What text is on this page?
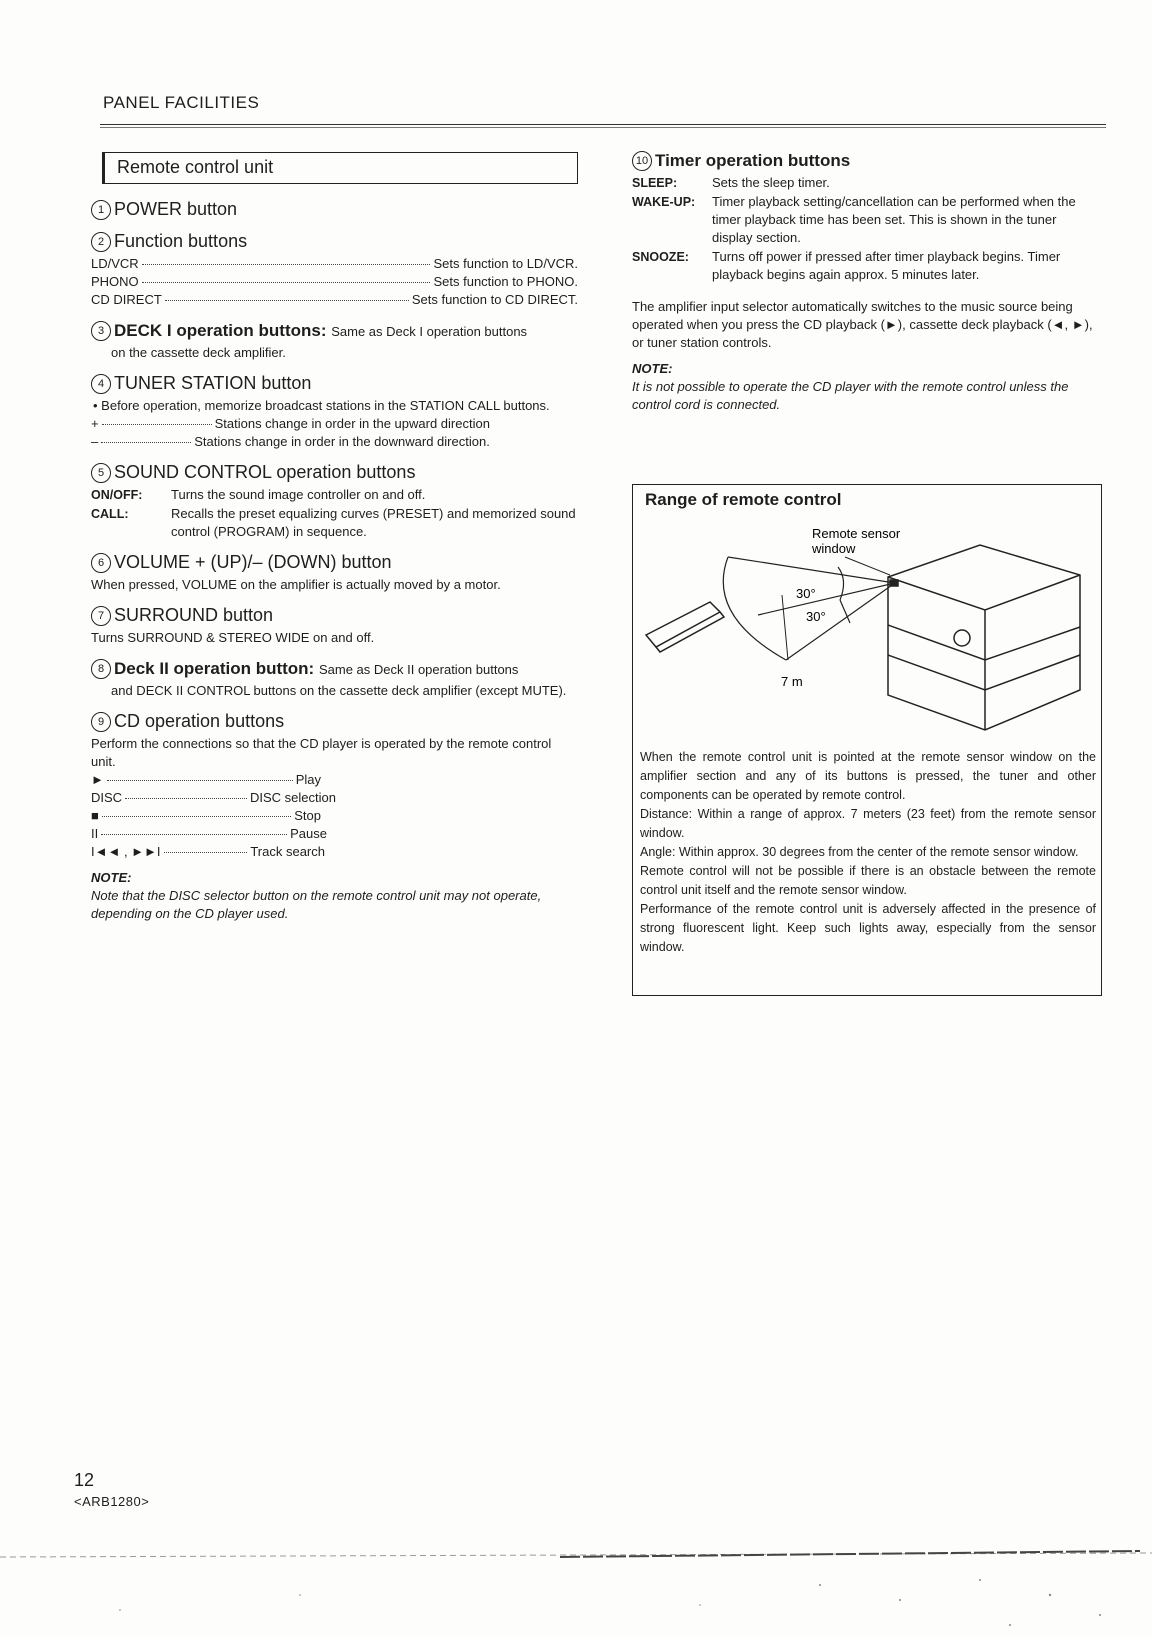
PANEL FACILITIES
Remote control unit
1 POWER button
2 Function buttons
LD/VCR	Sets function to LD/VCR.
PHONO	Sets function to PHONO.
CD DIRECT	Sets function to CD DIRECT.
3 DECK I operation buttons: Same as Deck I operation buttons
on the cassette deck amplifier.
4 TUNER STATION button
• Before operation, memorize broadcast stations in the STATION CALL buttons.
+	Stations change in order in the upward direction
–	Stations change in order in the downward direction.
5 SOUND CONTROL operation buttons
ON/OFF:	Turns the sound image controller on and off.
CALL:	Recalls the preset equalizing curves (PRESET) and memorized sound control (PROGRAM) in sequence.
6 VOLUME + (UP)/– (DOWN) button
When pressed, VOLUME on the amplifier is actually moved by a motor.
7 SURROUND button
Turns SURROUND & STEREO WIDE on and off.
8 Deck II operation button: Same as Deck II operation buttons
and DECK II CONTROL buttons on the cassette deck amplifier (except MUTE).
9 CD operation buttons
Perform the connections so that the CD player is operated by the remote control unit.
►	Play
DISC	DISC selection
■	Stop
II	Pause
I◄◄ , ►►I	Track search
NOTE:
Note that the DISC selector button on the remote control unit may not operate, depending on the CD player used.
10 Timer operation buttons
SLEEP:	Sets the sleep timer.
WAKE-UP:	Timer playback setting/cancellation can be performed when the timer playback time has been set. This is shown in the tuner display section.
SNOOZE:	Turns off power if pressed after timer playback begins. Timer playback begins again approx. 5 minutes later.
The amplifier input selector automatically switches to the music source being operated when you press the CD playback (►), cassette deck playback (◄, ►), or tuner station controls.
NOTE:
It is not possible to operate the CD player with the remote control unless the control cord is connected.
Range of remote control
30°
30°
7 m
Remote sensor
window
When the remote control unit is pointed at the remote sensor window on the amplifier section and any of its buttons is pressed, the tuner and other components can be operated by remote control.
Distance: Within a range of approx. 7 meters (23 feet) from the remote sensor window.
Angle: Within approx. 30 degrees from the center of the remote sensor window.
Remote control will not be possible if there is an obstacle between the remote control unit itself and the remote sensor window.
Performance of the remote control unit is adversely affected in the presence of strong fluorescent light. Keep such lights away, especially from the sensor window.
12
<ARB1280>
